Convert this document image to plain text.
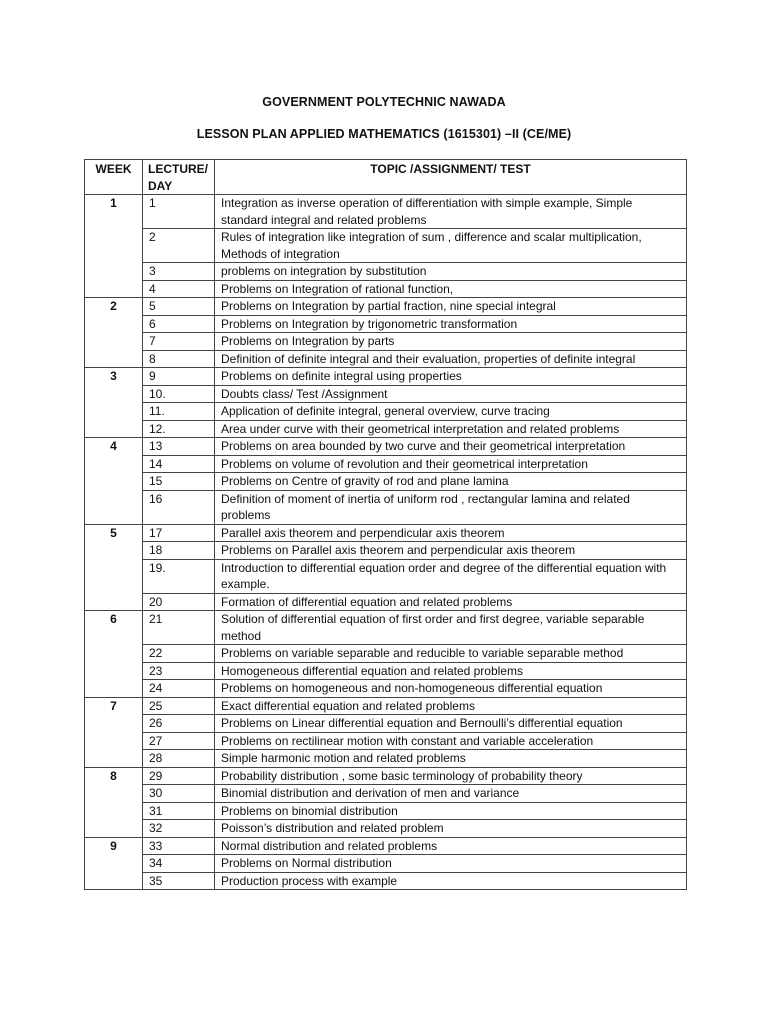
GOVERNMENT POLYTECHNIC NAWADA
LESSON PLAN APPLIED MATHEMATICS (1615301) –II (CE/ME)
WEEK	LECTURE/ DAY	TOPIC /ASSIGNMENT/ TEST
1	1	Integration as inverse operation of differentiation with simple example, Simple standard integral and related problems
	2	Rules of integration like integration of sum , difference and scalar multiplication, Methods of integration
	3	problems on integration by substitution
	4	Problems on Integration of rational function,
2	5	Problems on Integration by partial fraction, nine special integral
	6	Problems on Integration by trigonometric transformation
	7	Problems on Integration by parts
	8	Definition of definite integral and their evaluation, properties of definite integral
3	9	Problems on definite integral using properties
	10.	Doubts class/ Test /Assignment
	11.	Application of definite integral, general overview, curve tracing
	12.	Area under curve with their geometrical interpretation and related problems
4	13	Problems on area bounded by two curve and their geometrical interpretation
	14	Problems on volume of revolution and their geometrical interpretation
	15	Problems on Centre of gravity of rod and plane lamina
	16	Definition of moment of inertia of uniform rod , rectangular lamina and related problems
5	17	Parallel axis theorem and perpendicular axis theorem
	18	Problems on Parallel axis theorem and perpendicular axis theorem
	19.	Introduction to differential equation order and degree of the differential equation with example.
	20	Formation of differential equation and related problems
6	21	Solution of differential equation of first order and first degree, variable separable method
	22	Problems on variable separable and reducible to variable separable method
	23	Homogeneous differential equation and related problems
	24	Problems on homogeneous and non-homogeneous differential equation
7	25	Exact differential equation and related problems
	26	Problems on Linear differential equation and Bernoulli’s differential equation
	27	Problems on rectilinear motion with constant and variable acceleration
	28	Simple harmonic motion and related problems
8	29	Probability distribution , some basic terminology of probability theory
	30	Binomial distribution and derivation of men and variance
	31	Problems on binomial distribution
	32	Poisson’s distribution and related problem
9	33	Normal distribution and related problems
	34	Problems on Normal distribution
	35	Production process with example
